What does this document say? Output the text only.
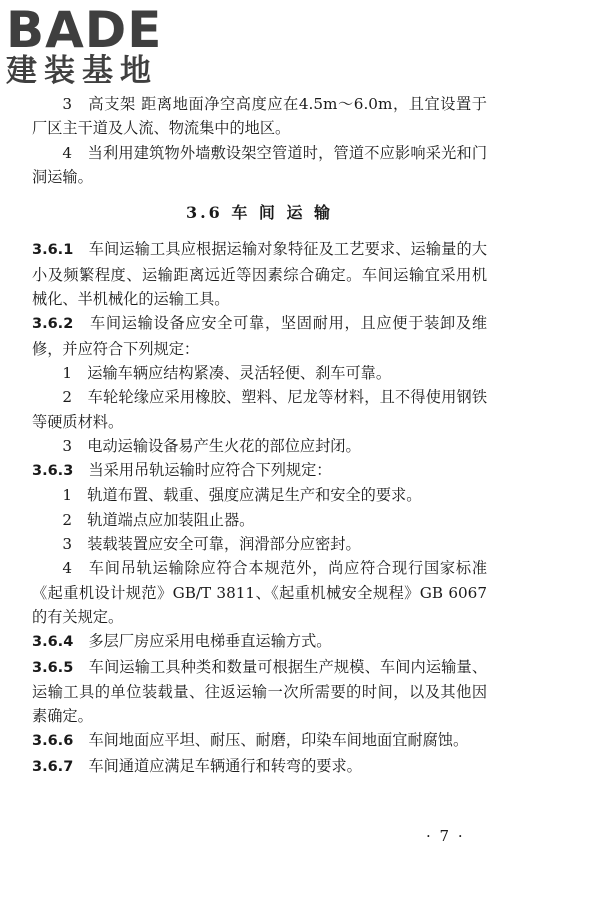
BADE
建装基地

3　 高支架 距离地面净空高度应在4.5m～6.0m，且宜设置于厂区主干道及人流、物流集中的地区。

4　 当利用建筑物外墙敷设架空管道时，管道不应影响采光和门洞运输。

3.6 车 间 运 输

3.6.1　 车间运输工具应根据运输对象特征及工艺要求、运输量的大小及频繁程度、运输距离远近等因素综合确定。车间运输宜采用机械化、半机械化的运输工具。

3.6.2　 车间运输设备应安全可靠，坚固耐用，且应便于装卸及维修，并应符合下列规定：

1　 运输车辆应结构紧凑、灵活轻便、刹车可靠。

2　 车轮轮缘应采用橡胶、塑料、尼龙等材料，且不得使用钢铁等硬质材料。

3　 电动运输设备易产生火花的部位应封闭。

3.6.3　 当采用吊轨运输时应符合下列规定：

1　 轨道布置、载重、强度应满足生产和安全的要求。

2　 轨道端点应加装阻止器。

3　 装载装置应安全可靠，润滑部分应密封。

4　 车间吊轨运输除应符合本规范外，尚应符合现行国家标准《起重机设计规范》GB/T 3811、《起重机械安全规程》GB 6067的有关规定。

3.6.4　 多层厂房应采用电梯垂直运输方式。

3.6.5　 车间运输工具种类和数量可根据生产规模、车间内运输量、运输工具的单位装载量、往返运输一次所需要的时间，以及其他因素确定。

3.6.6　 车间地面应平坦、耐压、耐磨，印染车间地面宜耐腐蚀。

3.6.7　 车间通道应满足车辆通行和转弯的要求。

· 7 ·
